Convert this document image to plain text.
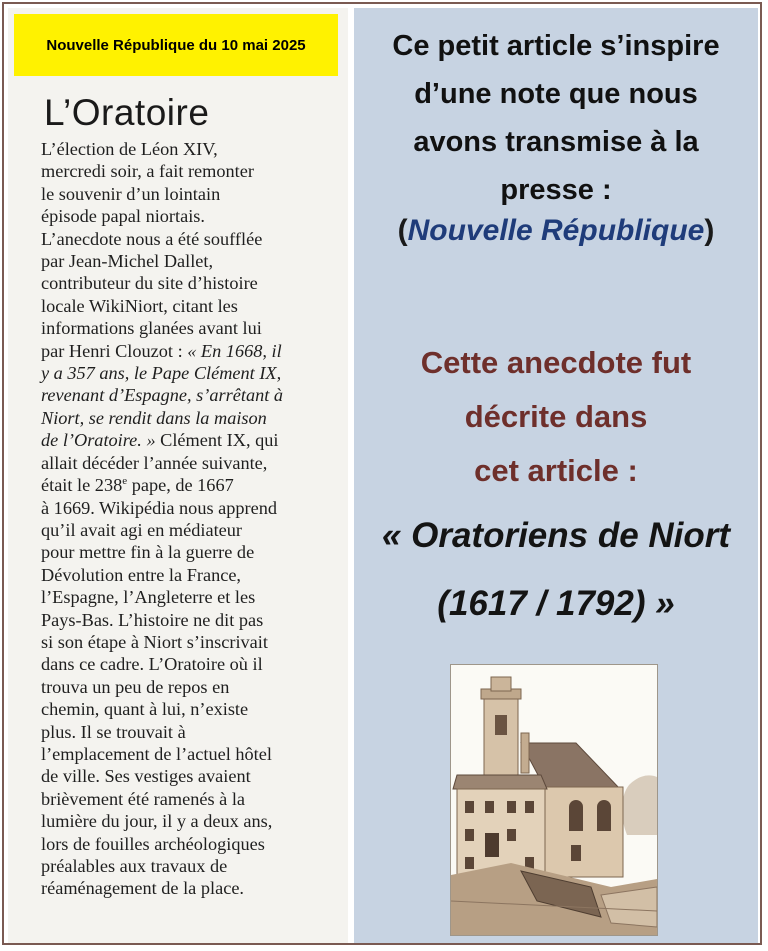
Nouvelle République du 10 mai 2025
L’Oratoire
L’élection de Léon XIV,
mercredi soir, a fait remonter
le souvenir d’un lointain
épisode papal niortais.
L’anecdote nous a été soufflée
par Jean-Michel Dallet,
contributeur du site d’histoire
locale WikiNiort, citant les
informations glanées avant lui
par Henri Clouzot : « En 1668, il
y a 357 ans, le Pape Clément IX,
revenant d’Espagne, s’arrêtant à
Niort, se rendit dans la maison
de l’Oratoire. » Clément IX, qui
allait décéder l’année suivante,
était le 238e pape, de 1667
à 1669. Wikipédia nous apprend
qu’il avait agi en médiateur
pour mettre fin à la guerre de
Dévolution entre la France,
l’Espagne, l’Angleterre et les
Pays-Bas. L’histoire ne dit pas
si son étape à Niort s’inscrivait
dans ce cadre. L’Oratoire où il
trouva un peu de repos en
chemin, quant à lui, n’existe
plus. Il se trouvait à
l’emplacement de l’actuel hôtel
de ville. Ses vestiges avaient
brièvement été ramenés à la
lumière du jour, il y a deux ans,
lors de fouilles archéologiques
préalables aux travaux de
réaménagement de la place.
Ce petit article s’inspire
d’une note que nous
avons transmise à la
presse :
(Nouvelle République)
Cette anecdote fut
décrite dans
cet article :
« Oratoriens de Niort
(1617 / 1792) »
